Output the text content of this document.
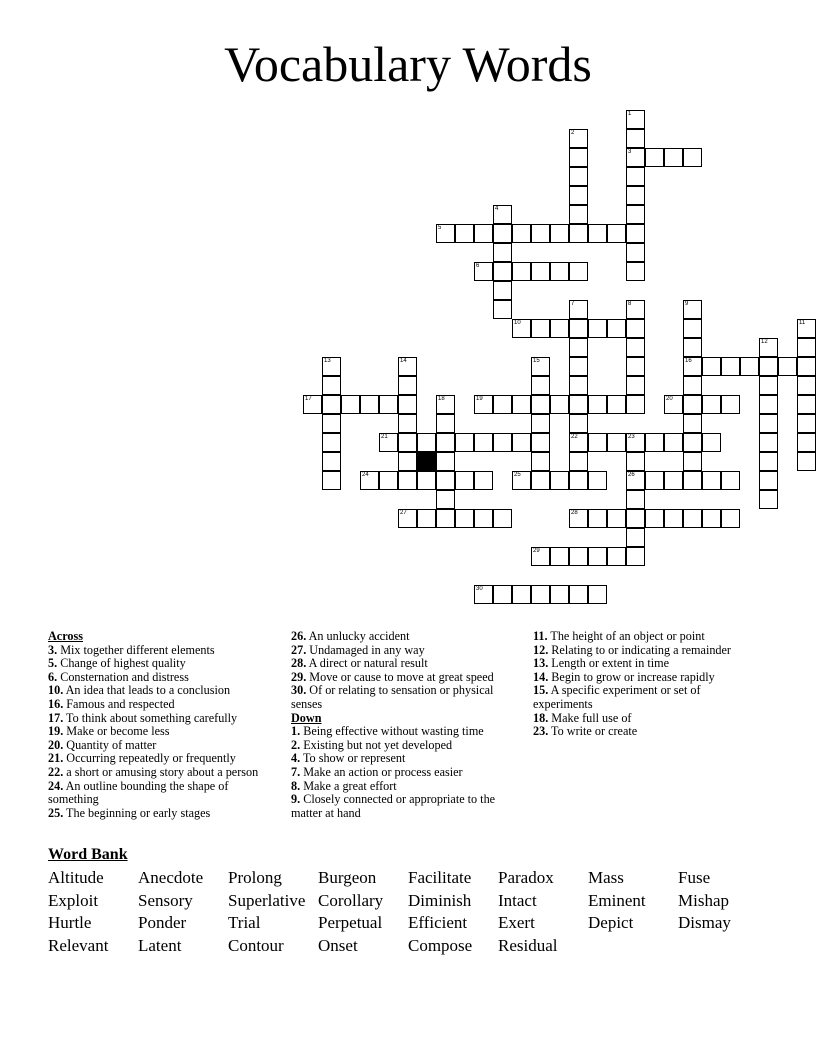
Vocabulary Words
1
3
2
4
5
6
7
22
8	9
16
10	11
12
13	14	15
17	18	19	20
21	23
26
24	25
27	28
29
30
Across
3. Mix together different elements
5. Change of highest quality
6. Consternation and distress
10. An idea that leads to a conclusion
16. Famous and respected
17. To think about something carefully
19. Make or become less
20. Quantity of matter
21. Occurring repeatedly or frequently
22. a short or amusing story about a person
24. An outline bounding the shape of something
25. The beginning or early stages
26. An unlucky accident
27. Undamaged in any way
28. A direct or natural result
29. Move or cause to move at great speed
30. Of or relating to sensation or physical senses
Down
1. Being effective without wasting time
2. Existing but not yet developed
4. To show or represent
7. Make an action or process easier
8. Make a great effort
9. Closely connected or appropriate to the matter at hand
11. The height of an object or point
12. Relating to or indicating a remainder
13. Length or extent in time
14. Begin to grow or increase rapidly
15. A specific experiment or set of experiments
18. Make full use of
23. To write or create
Word Bank
Altitude Anecdote Prolong Burgeon Facilitate Paradox Mass	Fuse
Exploit Sensory Superlative Corollary Diminish Intact	Eminent Mishap
Hurtle	Ponder Trial	Perpetual Efficient Exert	Depict	Dismay
Relevant Latent	Contour Onset	Compose Residual
